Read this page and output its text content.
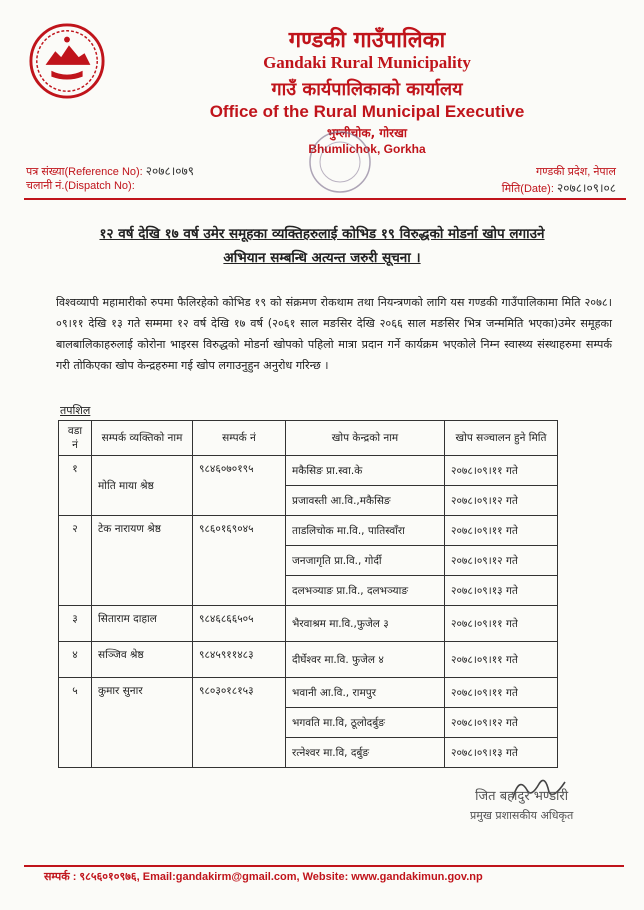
गण्डकी गाउँपालिका
Gandaki Rural Municipality
गाउँ कार्यपालिकाको कार्यालय
Office of the Rural Municipal Executive
भुम्लीचोक, गोरखा
Bhumlichok, Gorkha
पत्र संख्या(Reference No): २०७८।०७९
चलानी नं.(Dispatch No):
गण्डकी प्रदेश, नेपाल
मिति(Date): २०७८।०९।०८
१२ वर्ष देखि १७ वर्ष उमेर समूहका व्यक्तिहरुलाई कोभिड १९ विरुद्धको मोडर्ना खोप लगाउने
अभियान सम्बन्धि अत्यन्त जरुरी सूचना ।
विश्वव्यापी महामारीको रुपमा फैलिरहेको कोभिड १९ को संक्रमण रोकथाम तथा नियन्त्रणको लागि यस गण्डकी गाउँपालिकामा मिति २०७८।०९।११ देखि १३ गते सम्ममा १२ वर्ष देखि १७ वर्ष (२०६१ साल मङसिर देखि २०६६ साल मङसिर भित्र जन्ममिति भएका)उमेर समूहका बालबालिकाहरुलाई कोरोना भाइरस विरुद्धको मोडर्ना खोपको पहिलो मात्रा प्रदान गर्ने कार्यक्रम भएकोले निम्न स्वास्थ्य संस्थाहरुमा सम्पर्क गरी तोकिएका खोप केन्द्रहरुमा गई खोप लगाउनुहुन अनुरोध गरिन्छ ।
तपशिल
वडा नं	सम्पर्क व्यक्तिको नाम	सम्पर्क नं	खोप केन्द्रको नाम	खोप सञ्चालन हुने मिति
१	मोति माया श्रेष्ठ	९८४६०७०१९५	मकैसिङ प्रा.स्वा.के	२०७८।०९।११ गते
			प्रजावस्ती आ.वि.,मकैसिङ	२०७८।०९।१२ गते
२	टेक नारायण श्रेष्ठ	९८६०१६९०४५	ताडलिचोक मा.वि., पातिस्वाँरा	२०७८।०९।११ गते
			जनजागृति प्रा.वि., गोर्दी	२०७८।०९।१२ गते
			दलभञ्याङ प्रा.वि., दलभञ्याङ	२०७८।०९।१३ गते
३	सिताराम दाहाल	९८४६८६६५०५	भैरवाश्रम मा.वि.,फुजेल ३	२०७८।०९।११ गते
४	सञ्जिव श्रेष्ठ	९८४५९११४८३	दीर्घेश्वर मा.वि. फुजेल ४	२०७८।०९।११ गते
५	कुमार सुनार	९८०३०१८१५३	भवानी आ.वि., रामपुर	२०७८।०९।११ गते
			भगवति मा.वि, ठूलोदर्बुङ	२०७८।०९।१२ गते
			रत्नेश्वर मा.वि, दर्बुङ	२०७८।०९।१३ गते
जित बहादुर भण्डारी
प्रमुख प्रशासकीय अधिकृत
सम्पर्क : ९८५६०१०९७६, Email:gandakirm@gmail.com, Website: www.gandakimun.gov.np
